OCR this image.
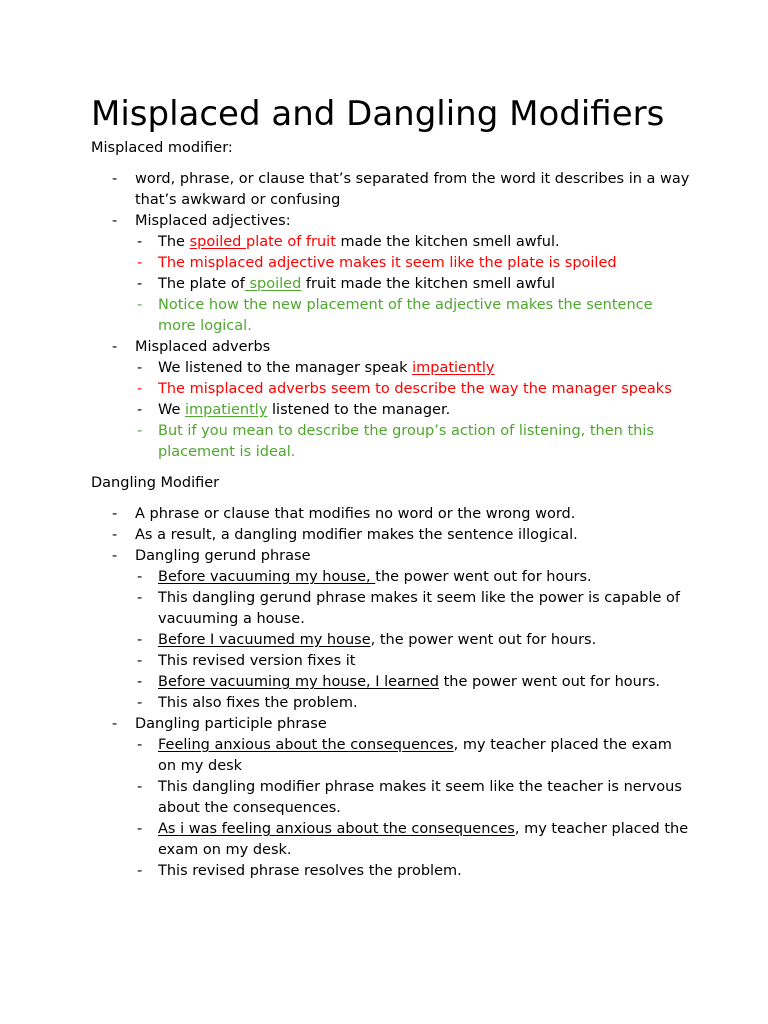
Misplaced and Dangling Modifiers

Misplaced modifier:

- word, phrase, or clause that’s separated from the word it describes in a way that’s awkward or confusing
- Misplaced adjectives:
- The spoiled plate of fruit made the kitchen smell awful.
- The misplaced adjective makes it seem like the plate is spoiled
- The plate of spoiled fruit made the kitchen smell awful
- Notice how the new placement of the adjective makes the sentence more logical.
- Misplaced adverbs
- We listened to the manager speak impatiently
- The misplaced adverbs seem to describe the way the manager speaks
- We impatiently listened to the manager.
- But if you mean to describe the group’s action of listening, then this placement is ideal.

Dangling Modifier

- A phrase or clause that modifies no word or the wrong word.
- As a result, a dangling modifier makes the sentence illogical.
- Dangling gerund phrase
- Before vacuuming my house, the power went out for hours.
- This dangling gerund phrase makes it seem like the power is capable of vacuuming a house.
- Before I vacuumed my house, the power went out for hours.
- This revised version fixes it
- Before vacuuming my house, I learned the power went out for hours.
- This also fixes the problem.
- Dangling participle phrase
- Feeling anxious about the consequences, my teacher placed the exam on my desk
- This dangling modifier phrase makes it seem like the teacher is nervous about the consequences.
- As i was feeling anxious about the consequences, my teacher placed the exam on my desk.
- This revised phrase resolves the problem.
